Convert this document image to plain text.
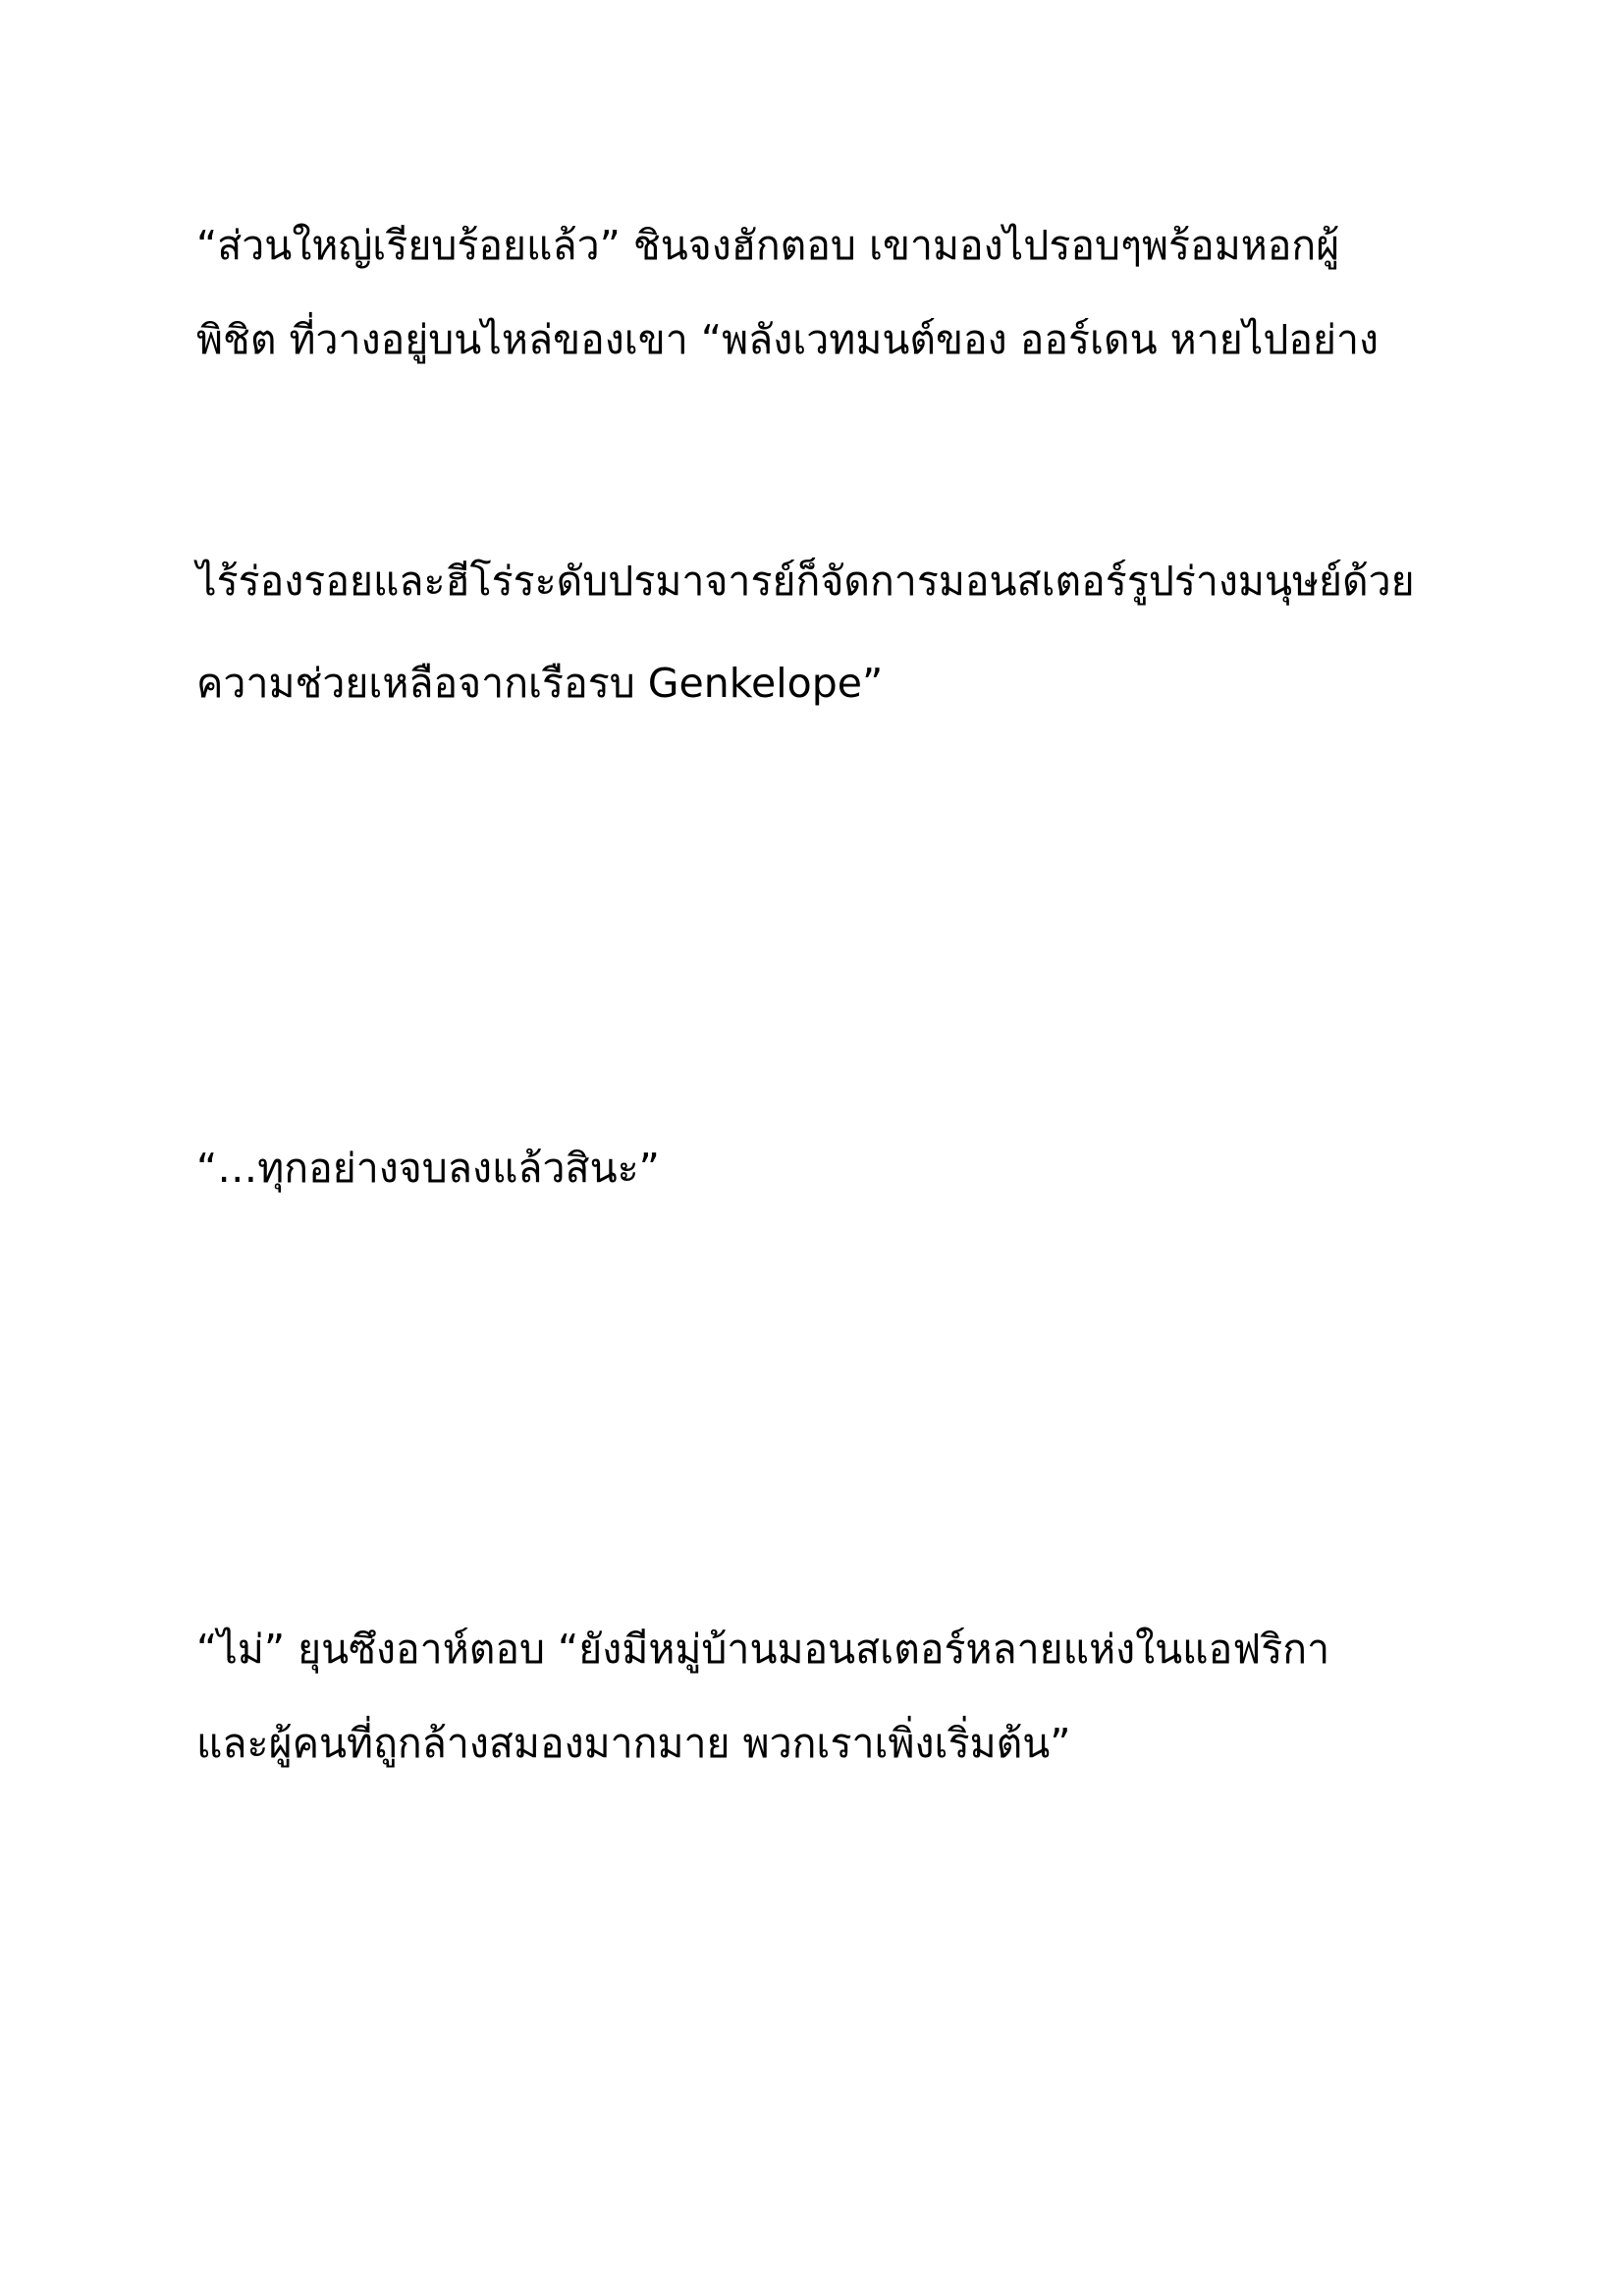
“ส่วนใหญ่เรียบร้อยแล้ว” ชินจงฮักตอบ เขามองไปรอบๆพร้อมหอกผู้

พิชิต ที่วางอยู่บนไหล่ของเขา “พลังเวทมนต์ของ ออร์เดน หายไปอย่าง

ไร้ร่องรอยและฮีโร่ระดับปรมาจารย์ก็จัดการมอนสเตอร์รูปร่างมนุษย์ด้วย

ความช่วยเหลือจากเรือรบ Genkelope”

“…ทุกอย่างจบลงแล้วสินะ”

“ไม่” ยุนซึงอาห์ตอบ “ยังมีหมู่บ้านมอนสเตอร์หลายแห่งในแอฟริกา

และผู้คนที่ถูกล้างสมองมากมาย พวกเราเพิ่งเริ่มต้น”
